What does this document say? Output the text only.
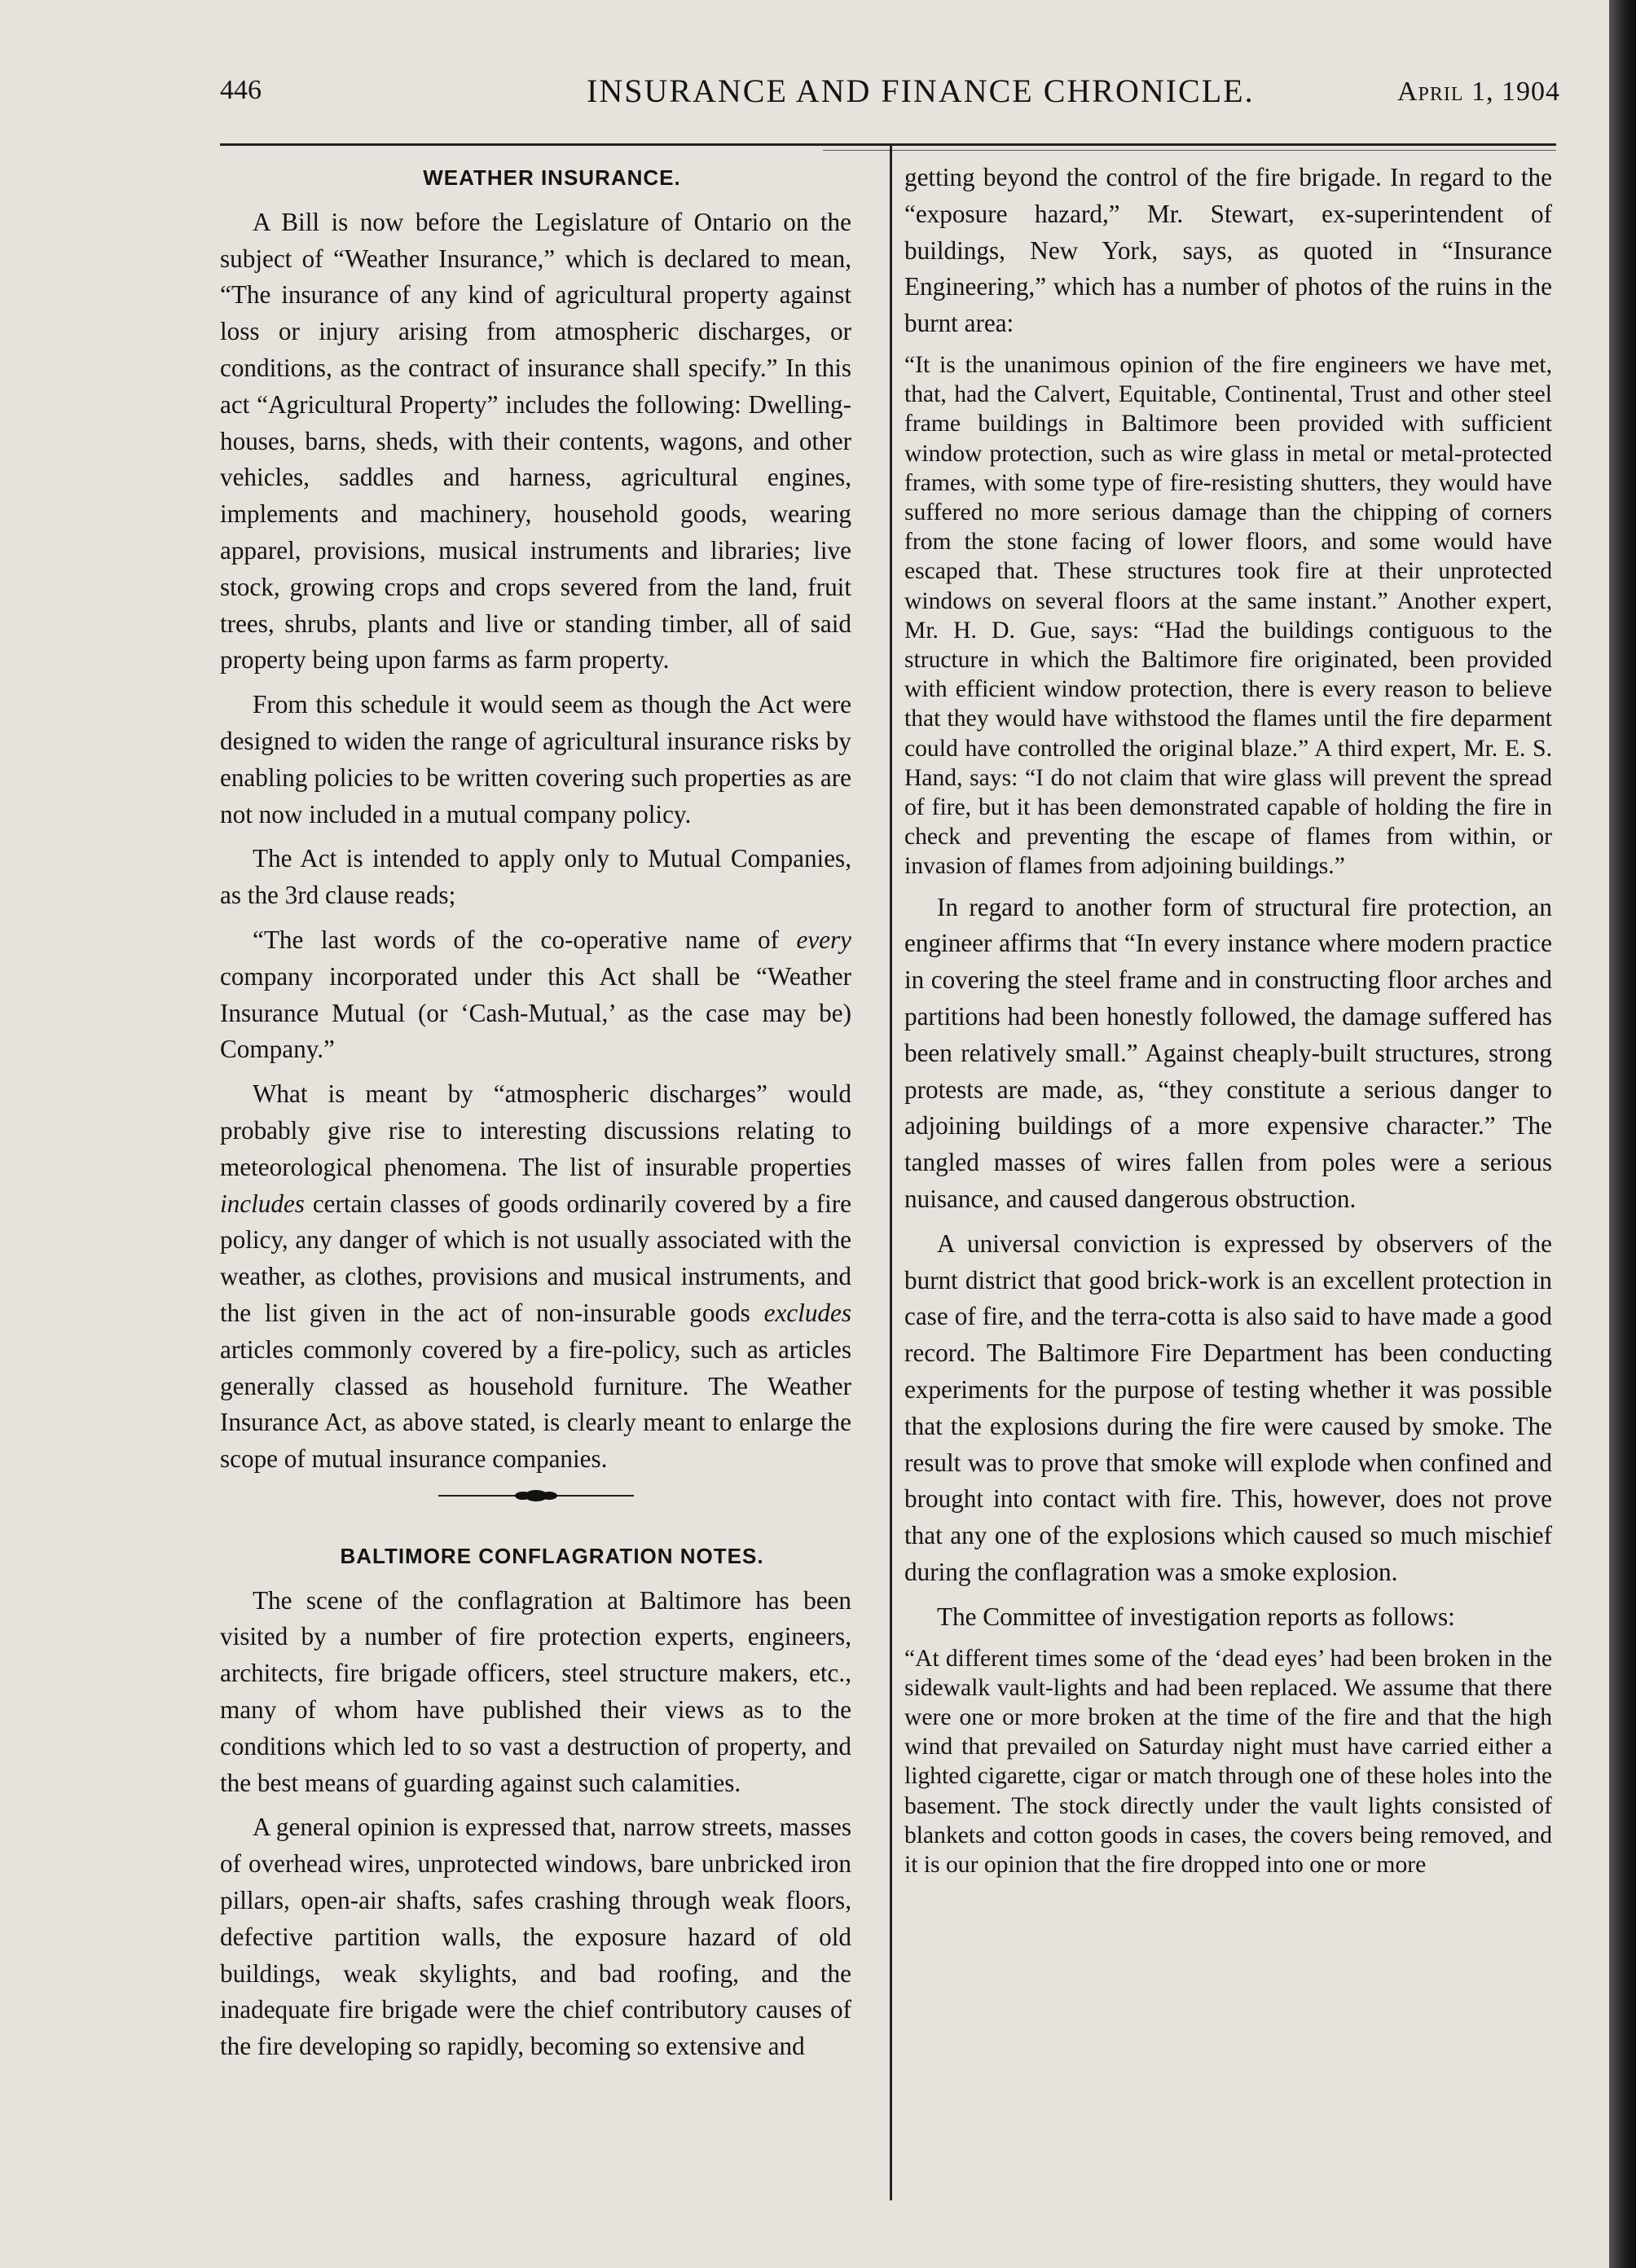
446	INSURANCE AND FINANCE CHRONICLE.	April 1, 1904

WEATHER INSURANCE.

A Bill is now before the Legislature of Ontario on the subject of “Weather Insurance,” which is declared to mean, “The insurance of any kind of agricultural property against loss or injury arising from atmospheric discharges, or conditions, as the contract of insurance shall specify.” In this act “Agricultural Property” includes the following: Dwelling-houses, barns, sheds, with their contents, wagons, and other vehicles, saddles and harness, agricultural engines, implements and machinery, household goods, wearing apparel, provisions, musical instruments and libraries; live stock, growing crops and crops severed from the land, fruit trees, shrubs, plants and live or standing timber, all of said property being upon farms as farm property.

From this schedule it would seem as though the Act were designed to widen the range of agricultural insurance risks by enabling policies to be written covering such properties as are not now included in a mutual company policy.

The Act is intended to apply only to Mutual Companies, as the 3rd clause reads;

“The last words of the co-operative name of every company incorporated under this Act shall be “Weather Insurance Mutual (or ‘Cash-Mutual,’ as the case may be) Company.”

What is meant by “atmospheric discharges” would probably give rise to interesting discussions relating to meteorological phenomena. The list of insurable properties includes certain classes of goods ordinarily covered by a fire policy, any danger of which is not usually associated with the weather, as clothes, provisions and musical instruments, and the list given in the act of non-insurable goods excludes articles commonly covered by a fire-policy, such as articles generally classed as household furniture. The Weather Insurance Act, as above stated, is clearly meant to enlarge the scope of mutual insurance companies.

BALTIMORE CONFLAGRATION NOTES.

The scene of the conflagration at Baltimore has been visited by a number of fire protection experts, engineers, architects, fire brigade officers, steel structure makers, etc., many of whom have published their views as to the conditions which led to so vast a destruction of property, and the best means of guarding against such calamities.

A general opinion is expressed that, narrow streets, masses of overhead wires, unprotected windows, bare unbricked iron pillars, open-air shafts, safes crashing through weak floors, defective partition walls, the exposure hazard of old buildings, weak skylights, and bad roofing, and the inadequate fire brigade were the chief contributory causes of the fire developing so rapidly, becoming so extensive and

getting beyond the control of the fire brigade. In regard to the “exposure hazard,” Mr. Stewart, ex-superintendent of buildings, New York, says, as quoted in “Insurance Engineering,” which has a number of photos of the ruins in the burnt area:

“It is the unanimous opinion of the fire engineers we have met, that, had the Calvert, Equitable, Continental, Trust and other steel frame buildings in Baltimore been provided with sufficient window protection, such as wire glass in metal or metal-protected frames, with some type of fire-resisting shutters, they would have suffered no more serious damage than the chipping of corners from the stone facing of lower floors, and some would have escaped that. These structures took fire at their unprotected windows on several floors at the same instant.” Another expert, Mr. H. D. Gue, says: “Had the buildings contiguous to the structure in which the Baltimore fire originated, been provided with efficient window protection, there is every reason to believe that they would have withstood the flames until the fire deparment could have controlled the original blaze.” A third expert, Mr. E. S. Hand, says: “I do not claim that wire glass will prevent the spread of fire, but it has been demonstrated capable of holding the fire in check and preventing the escape of flames from within, or invasion of flames from adjoining buildings.”

In regard to another form of structural fire protection, an engineer affirms that “In every instance where modern practice in covering the steel frame and in constructing floor arches and partitions had been honestly followed, the damage suffered has been relatively small.” Against cheaply-built structures, strong protests are made, as, “they constitute a serious danger to adjoining buildings of a more expensive character.” The tangled masses of wires fallen from poles were a serious nuisance, and caused dangerous obstruction.

A universal conviction is expressed by observers of the burnt district that good brick-work is an excellent protection in case of fire, and the terra-cotta is also said to have made a good record. The Baltimore Fire Department has been conducting experiments for the purpose of testing whether it was possible that the explosions during the fire were caused by smoke. The result was to prove that smoke will explode when confined and brought into contact with fire. This, however, does not prove that any one of the explosions which caused so much mischief during the conflagration was a smoke explosion.

The Committee of investigation reports as follows:

“At different times some of the ‘dead eyes’ had been broken in the sidewalk vault-lights and had been replaced. We assume that there were one or more broken at the time of the fire and that the high wind that prevailed on Saturday night must have carried either a lighted cigarette, cigar or match through one of these holes into the basement. The stock directly under the vault lights consisted of blankets and cotton goods in cases, the covers being removed, and it is our opinion that the fire dropped into one or more
